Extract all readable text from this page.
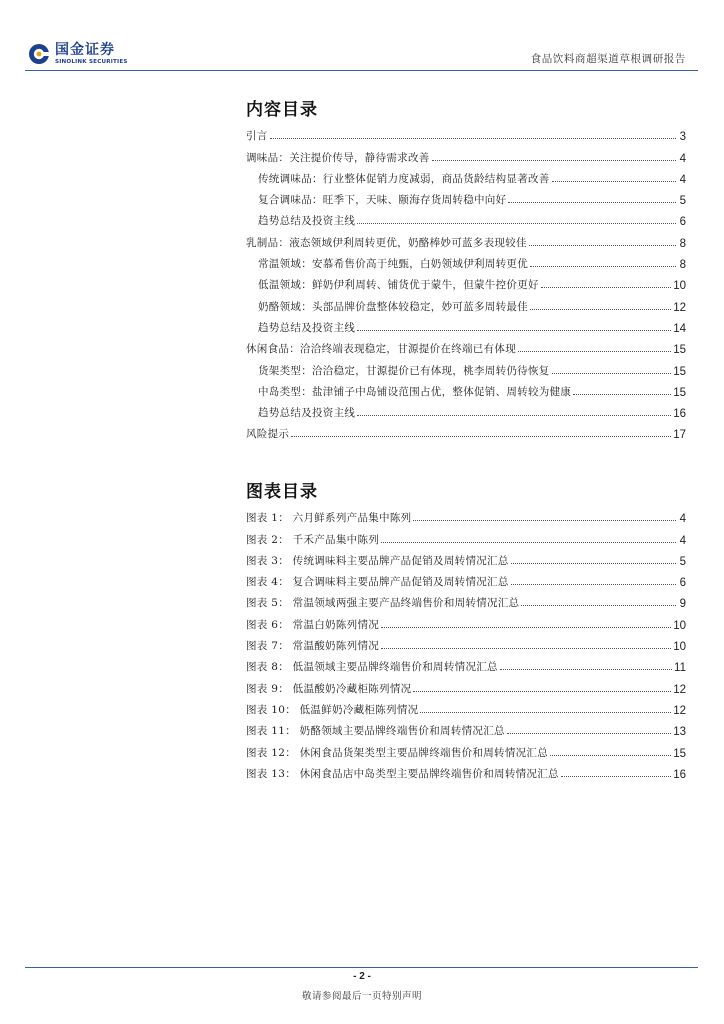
国金证券
SINOLINK SECURITIES	食品饮料商超渠道草根调研报告
内容目录
引言	3
调味品：关注提价传导，静待需求改善	4
传统调味品：行业整体促销力度减弱，商品货龄结构显著改善	4
复合调味品：旺季下，天味、颐海存货周转稳中向好	5
趋势总结及投资主线	6
乳制品：液态领域伊利周转更优，奶酪棒妙可蓝多表现较佳	8
常温领域：安慕希售价高于纯甄，白奶领域伊利周转更优	8
低温领域：鲜奶伊利周转、铺货优于蒙牛，但蒙牛控价更好	10
奶酪领域：头部品牌价盘整体较稳定，妙可蓝多周转最佳	12
趋势总结及投资主线	14
休闲食品：洽洽终端表现稳定，甘源提价在终端已有体现	15
货架类型：洽洽稳定，甘源提价已有体现，桃李周转仍待恢复	15
中岛类型：盐津铺子中岛铺设范围占优，整体促销、周转较为健康	15
趋势总结及投资主线	16
风险提示	17
图表目录
图表 1： 六月鲜系列产品集中陈列	4
图表 2： 千禾产品集中陈列	4
图表 3： 传统调味料主要品牌产品促销及周转情况汇总	5
图表 4： 复合调味料主要品牌产品促销及周转情况汇总	6
图表 5： 常温领域两强主要产品终端售价和周转情况汇总	9
图表 6： 常温白奶陈列情况	10
图表 7： 常温酸奶陈列情况	10
图表 8： 低温领域主要品牌终端售价和周转情况汇总	11
图表 9： 低温酸奶冷藏柜陈列情况	12
图表 10： 低温鲜奶冷藏柜陈列情况	12
图表 11： 奶酪领域主要品牌终端售价和周转情况汇总	13
图表 12： 休闲食品货架类型主要品牌终端售价和周转情况汇总	15
图表 13： 休闲食品店中岛类型主要品牌终端售价和周转情况汇总	16
- 2 -
敬请参阅最后一页特别声明
